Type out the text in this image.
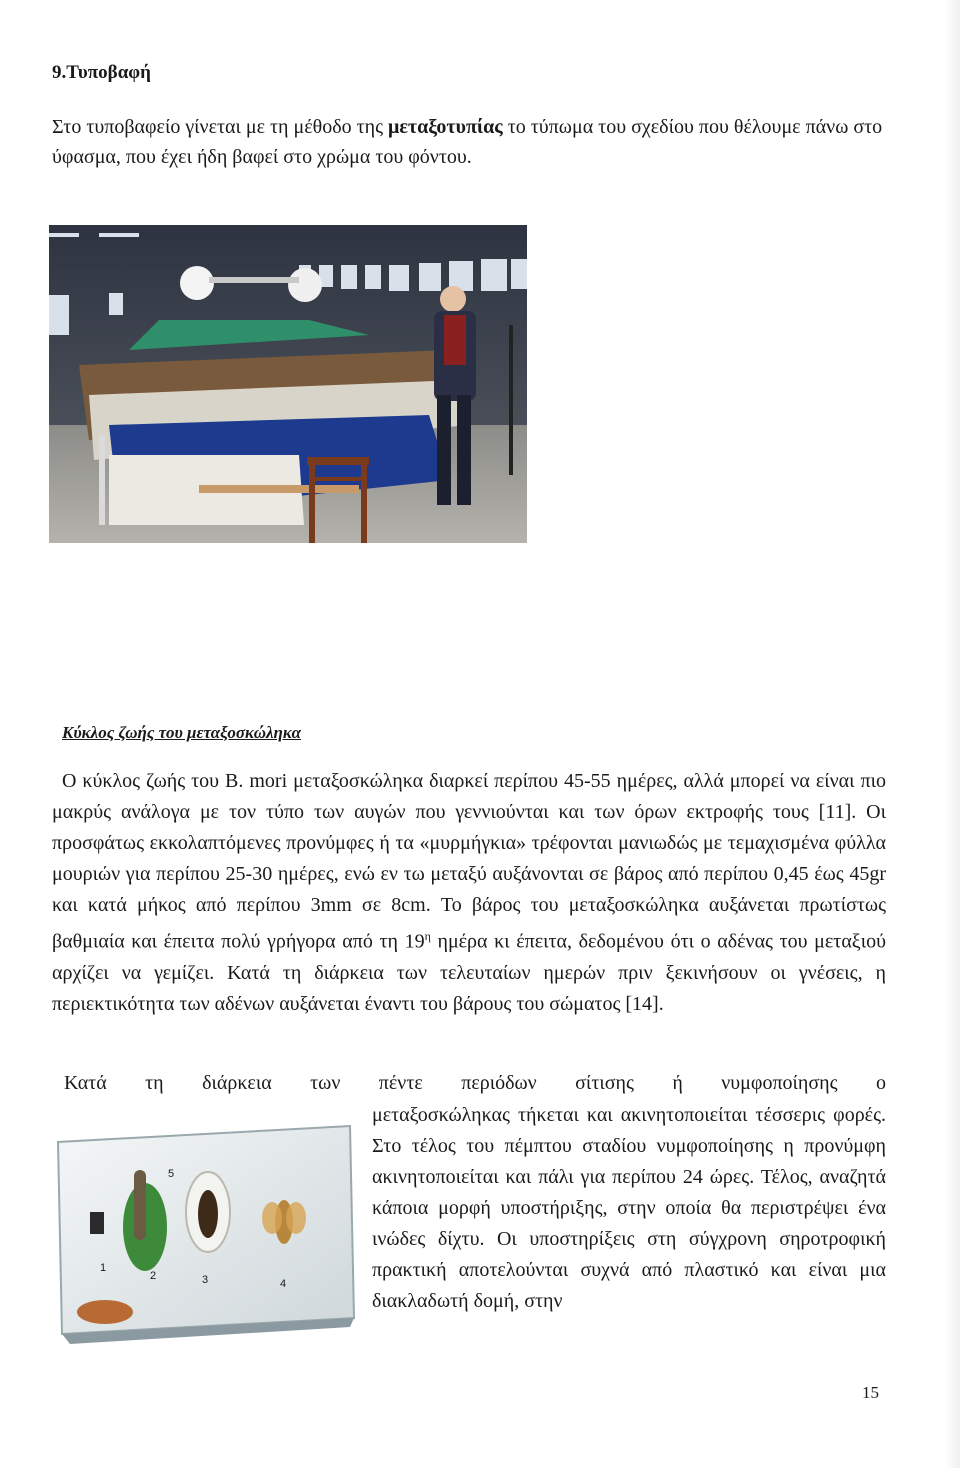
9.Τυποβαφή
Στο τυποβαφείο γίνεται με τη μέθοδο της μεταξοτυπίας το τύπωμα του σχεδίου που θέλουμε πάνω στο ύφασμα, που έχει ήδη βαφεί στο χρώμα του φόντου.
Κύκλος ζωής του μεταξοσκώληκα

Ο κύκλος ζωής του B. mori μεταξοσκώληκα διαρκεί περίπου 45-55 ημέρες, αλλά μπορεί να είναι πιο μακρύς ανάλογα με τον τύπο των αυγών που γεννιούνται και των όρων εκτροφής τους [11]. Οι προσφάτως εκκολαπτόμενες προνύμφες ή τα «μυρμήγκια» τρέφονται μανιωδώς με τεμαχισμένα φύλλα μουριών για περίπου 25-30 ημέρες, ενώ εν τω μεταξύ αυξάνονται σε βάρος από περίπου 0,45 έως 45gr και κατά μήκος από περίπου 3mm σε 8cm. Το βάρος του μεταξοσκώληκα αυξάνεται πρωτίστως βαθμιαία και έπειτα πολύ γρήγορα από τη $19^\eta$ ημέρα κι έπειτα, δεδομένου ότι ο αδένας του μεταξιού αρχίζει να γεμίζει. Κατά τη διάρκεια των τελευταίων ημερών πριν ξεκινήσουν οι γνέσεις, η περιεκτικότητα των αδένων αυξάνεται έναντι του βάρους του σώματος [14].

Κατά τη διάρκεια των πέντε περιόδων σίτισης ή νυμφοποίησης ο
1
2	3	4
5
μεταξοσκώληκας τήκεται και ακινητοποιείται τέσσερις φορές. Στο τέλος του πέμπτου σταδίου νυμφοποίησης η προνύμφη ακινητοποιείται και πάλι για περίπου 24 ώρες. Τέλος, αναζητά κάποια μορφή υποστήριξης, στην οποία θα περιστρέψει ένα ινώδες δίχτυ. Οι υποστηρίξεις στη σύγχρονη σηροτροφική πρακτική αποτελούνται συχνά από πλαστικό και είναι μια διακλαδωτή δομή, στην
15
